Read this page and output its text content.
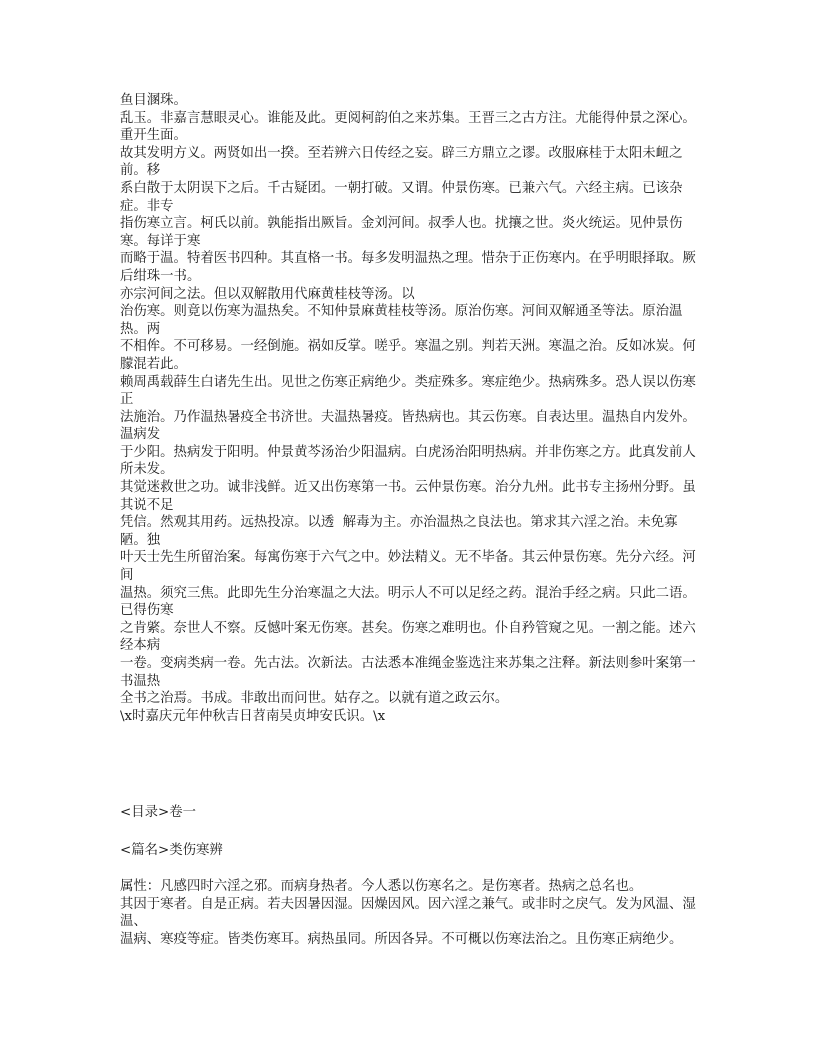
鱼目溷珠。

乱玉。非嘉言慧眼灵心。谁能及此。更阅柯韵伯之来苏集。王晋三之古方注。尤能得仲景之深心。重开生面。

故其发明方义。两贤如出一揆。至若辨六日传经之妄。辟三方鼎立之谬。改服麻桂于太阳未衄之前。移

系白散于太阴误下之后。千古疑团。一朝打破。又谓。仲景伤寒。已兼六气。六经主病。已该杂症。非专

指伤寒立言。柯氏以前。孰能指出厥旨。金刘河间。叔季人也。扰攘之世。炎火统运。见仲景伤寒。每详于寒

而略于温。特着医书四种。其直格一书。每多发明温热之理。惜杂于正伤寒内。在乎明眼择取。厥后绀珠一书。

亦宗河间之法。但以双解散用代麻黄桂枝等汤。以

治伤寒。则竟以伤寒为温热矣。不知仲景麻黄桂枝等汤。原治伤寒。河间双解通圣等法。原治温热。两

不相侔。不可移易。一经倒施。祸如反掌。嗟乎。寒温之别。判若天洲。寒温之治。反如冰炭。何朦混若此。

赖周禹载薛生白诸先生出。见世之伤寒正病绝少。类症殊多。寒症绝少。热病殊多。恐人误以伤寒正

法施治。乃作温热暑疫全书济世。夫温热暑疫。皆热病也。其云伤寒。自表达里。温热自内发外。温病发

于少阳。热病发于阳明。仲景黄芩汤治少阳温病。白虎汤治阳明热病。并非伤寒之方。此真发前人所未发。

其觉迷救世之功。诚非浅鲜。近又出伤寒第一书。云仲景伤寒。治分九州。此书专主扬州分野。虽其说不足

凭信。然观其用药。远热投凉。以透  解毒为主。亦治温热之良法也。第求其六淫之治。未免寡陋。独

叶天士先生所留治案。每寓伤寒于六气之中。妙法精义。无不毕备。其云仲景伤寒。先分六经。河间

温热。须究三焦。此即先生分治寒温之大法。明示人不可以足经之药。混治手经之病。只此二语。已得伤寒

之肯綮。奈世人不察。反憾叶案无伤寒。甚矣。伤寒之难明也。仆自矜管窥之见。一割之能。述六经本病

一卷。变病类病一卷。先古法。次新法。古法悉本准绳金鉴选注来苏集之注释。新法则参叶案第一书温热

全书之治焉。书成。非敢出而问世。姑存之。以就有道之政云尔。

\x时嘉庆元年仲秋吉日苕南吴贞坤安氏识。\x

<目录>卷一
<篇名>类伤寒辨

属性：凡感四时六淫之邪。而病身热者。今人悉以伤寒名之。是伤寒者。热病之总名也。

其因于寒者。自是正病。若夫因暑因湿。因燥因风。因六淫之兼气。或非时之戾气。发为风温、湿温、

温病、寒疫等症。皆类伤寒耳。病热虽同。所因各异。不可概以伤寒法治之。且伤寒正病绝少。
